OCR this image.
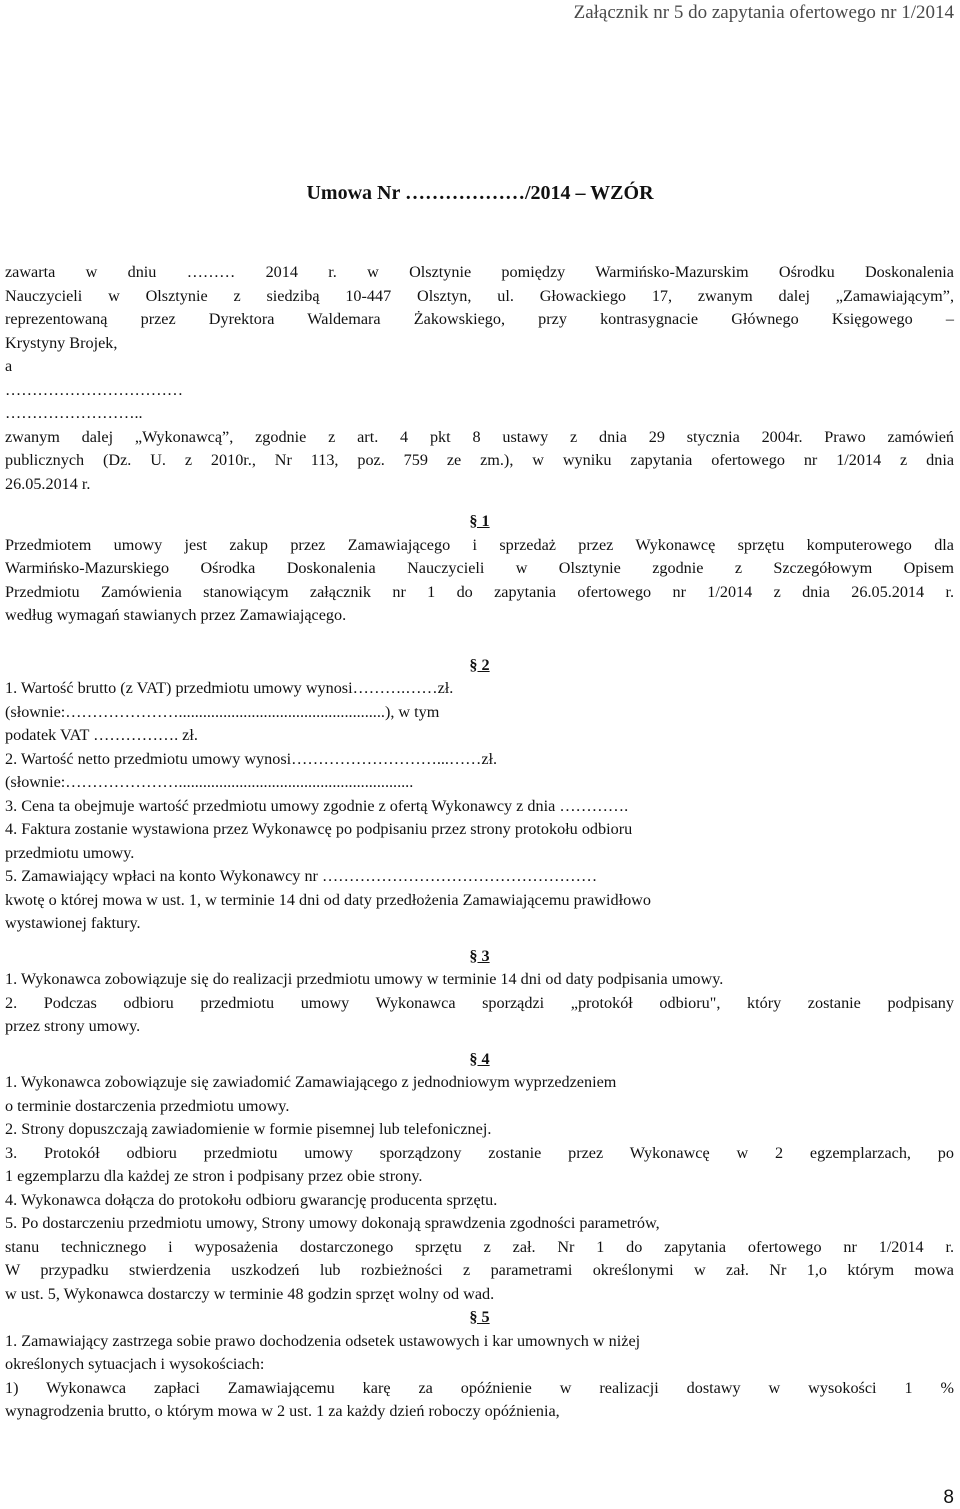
Załącznik nr 5 do zapytania ofertowego nr 1/2014
Umowa Nr ………………/2014 – WZÓR
zawarta w dniu ……… 2014 r. w Olsztynie pomiędzy Warmińsko-Mazurskim Ośrodku Doskonalenia
Nauczycieli w Olsztynie z siedzibą 10-447 Olsztyn, ul. Głowackiego 17, zwanym dalej „Zamawiającym”,
reprezentowaną przez Dyrektora Waldemara Żakowskiego, przy kontrasygnacie Głównego Księgowego –
Krystyny Brojek,
a
……………………………
……………………..
zwanym dalej „Wykonawcą”, zgodnie z art. 4 pkt 8 ustawy z dnia 29 stycznia 2004r. Prawo zamówień
publicznych (Dz. U. z 2010r., Nr 113, poz. 759 ze zm.), w wyniku zapytania ofertowego nr 1/2014 z dnia
26.05.2014 r.
§ 1
Przedmiotem umowy jest zakup przez Zamawiającego i sprzedaż przez Wykonawcę sprzętu komputerowego dla
Warmińsko-Mazurskiego Ośrodka Doskonalenia Nauczycieli w Olsztynie zgodnie z Szczegółowym Opisem
Przedmiotu Zamówienia stanowiącym załącznik nr 1 do zapytania ofertowego nr 1/2014 z dnia 26.05.2014 r.
według wymagań stawianych przez Zamawiającego.
§ 2
1. Wartość brutto (z VAT) przedmiotu umowy wynosi……….……zł.
(słownie:…………………...................................................), w tym
podatek VAT ……………. zł.
2. Wartość netto przedmiotu umowy wynosi………………………...……zł.
(słownie:…………………..........................................................
3. Cena ta obejmuje wartość przedmiotu umowy zgodnie z ofertą Wykonawcy z dnia ………….
4. Faktura zostanie wystawiona przez Wykonawcę po podpisaniu przez strony protokołu odbioru
przedmiotu umowy.
5. Zamawiający wpłaci na konto Wykonawcy nr ……………………………………………
kwotę o której mowa w ust. 1, w terminie 14 dni od daty przedłożenia Zamawiającemu prawidłowo
wystawionej faktury.
§ 3
1. Wykonawca zobowiązuje się do realizacji przedmiotu umowy w terminie 14 dni od daty podpisania umowy.
2. Podczas odbioru przedmiotu umowy Wykonawca sporządzi „protokół odbioru", który zostanie podpisany
przez strony umowy.
§ 4
1. Wykonawca zobowiązuje się zawiadomić Zamawiającego z jednodniowym wyprzedzeniem
o terminie dostarczenia przedmiotu umowy.
2. Strony dopuszczają zawiadomienie w formie pisemnej lub telefonicznej.
3. Protokół odbioru przedmiotu umowy sporządzony zostanie przez Wykonawcę w 2 egzemplarzach, po
1 egzemplarzu dla każdej ze stron i podpisany przez obie strony.
4. Wykonawca dołącza do protokołu odbioru gwarancję producenta sprzętu.
5. Po dostarczeniu przedmiotu umowy, Strony umowy dokonają sprawdzenia zgodności parametrów,
stanu technicznego i wyposażenia dostarczonego sprzętu z zał. Nr 1 do zapytania ofertowego nr 1/2014 r.
W przypadku stwierdzenia uszkodzeń lub rozbieżności z parametrami określonymi w zał. Nr 1,o którym mowa
w ust. 5, Wykonawca dostarczy w terminie 48 godzin sprzęt wolny od wad.
§ 5
1. Zamawiający zastrzega sobie prawo dochodzenia odsetek ustawowych i kar umownych w niżej
określonych sytuacjach i wysokościach:
1) Wykonawca zapłaci Zamawiającemu karę za opóźnienie w realizacji dostawy w wysokości 1 %
wynagrodzenia brutto, o którym mowa w 2 ust. 1 za każdy dzień roboczy opóźnienia,
8
